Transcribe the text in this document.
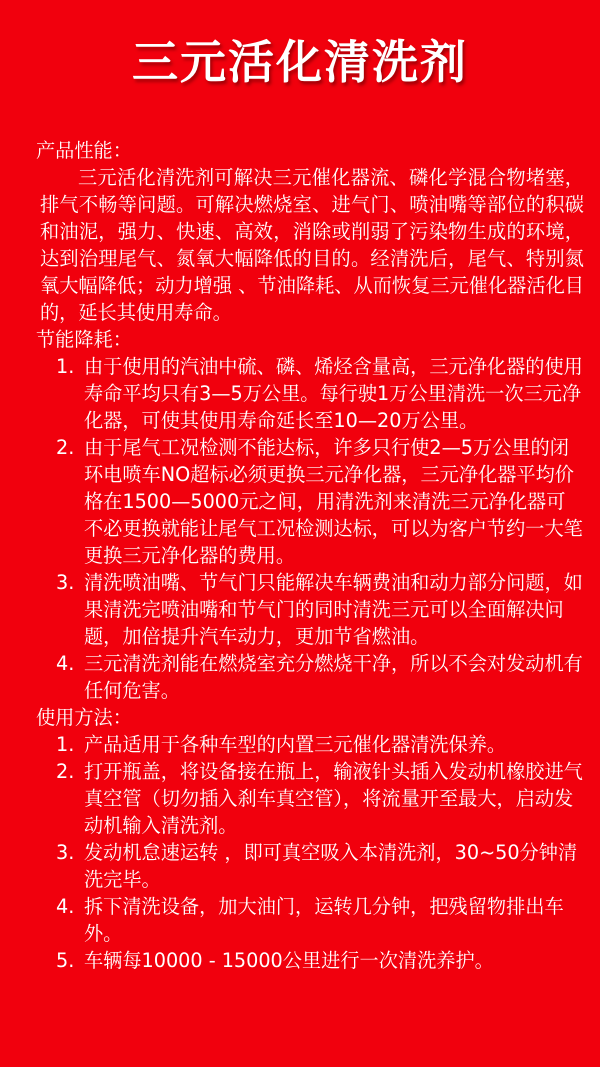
三元活化清洗剂

产品性能：

三元活化清洗剂可解决三元催化器流、磷化学混合物堵塞，排气不畅等问题。可解决燃烧室、进气门、喷油嘴等部位的积碳和油泥，强力、快速、高效，消除或削弱了污染物生成的环境，达到治理尾气、氮氧大幅降低的目的。经清洗后，尾气、特别氮氧大幅降低；动力增强 、节油降耗、从而恢复三元催化器活化目的，延长其使用寿命。

节能降耗：

1. 由于使用的汽油中硫、磷、烯烃含量高，三元净化器的使用寿命平均只有3—5万公里。每行驶1万公里清洗一次三元净化器，可使其使用寿命延长至10—20万公里。
2. 由于尾气工况检测不能达标，许多只行使2—5万公里的闭环电喷车NO超标必须更换三元净化器，三元净化器平均价格在1500—5000元之间，用清洗剂来清洗三元净化器可不必更换就能让尾气工况检测达标，可以为客户节约一大笔更换三元净化器的费用。
3. 清洗喷油嘴、节气门只能解决车辆费油和动力部分问题，如果清洗完喷油嘴和节气门的同时清洗三元可以全面解决问题，加倍提升汽车动力，更加节省燃油。
4. 三元清洗剂能在燃烧室充分燃烧干净，所以不会对发动机有任何危害。

使用方法：

1. 产品适用于各种车型的内置三元催化器清洗保养。
2. 打开瓶盖，将设备接在瓶上，输液针头插入发动机橡胶进气真空管（切勿插入刹车真空管），将流量开至最大，启动发动机输入清洗剂。
3. 发动机怠速运转 ，即可真空吸入本清洗剂，30~50分钟清洗完毕。
4. 拆下清洗设备，加大油门，运转几分钟，把残留物排出车外。
5. 车辆每10000 - 15000公里进行一次清洗养护。
